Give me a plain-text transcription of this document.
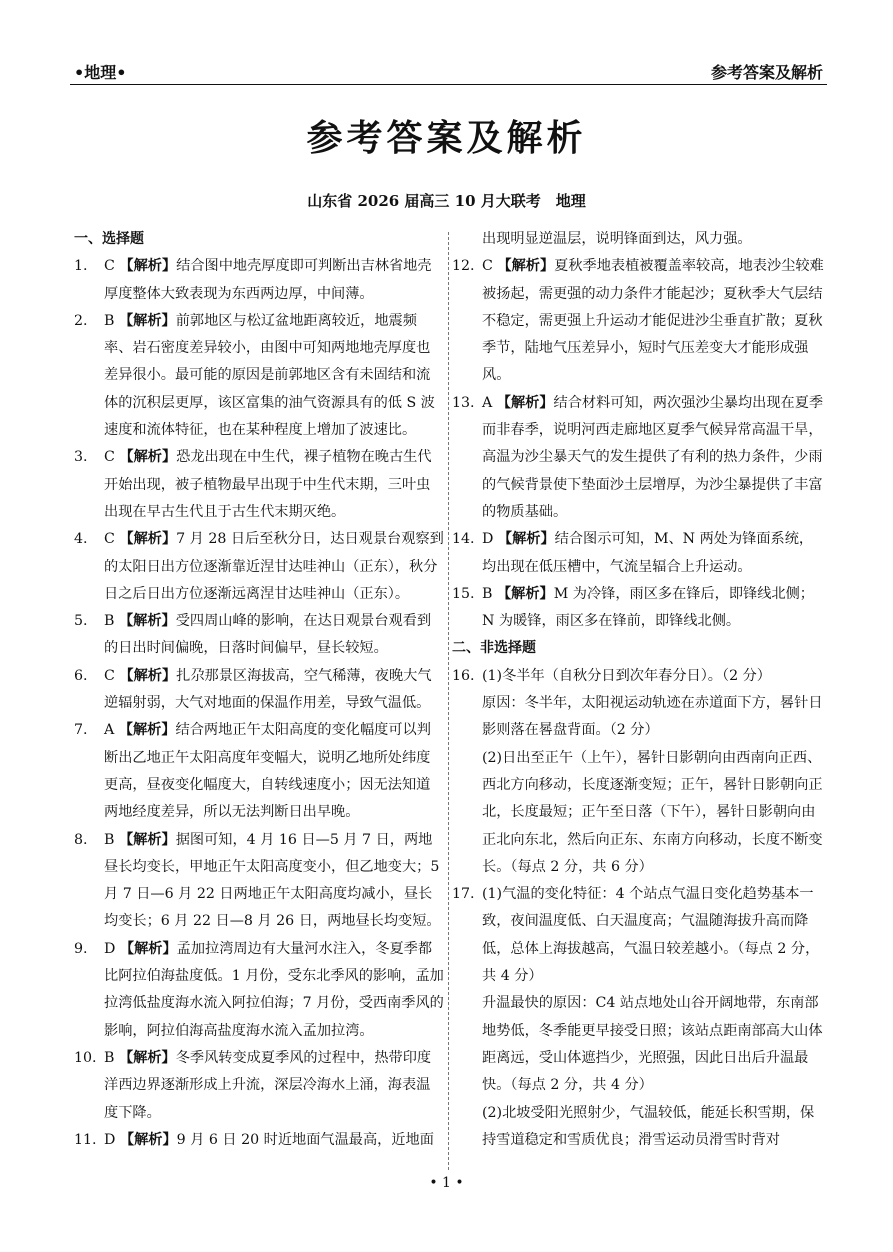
•地理•	参考答案及解析
参考答案及解析
山东省 2026 届高三 10 月大联考　地理
一、选择题
1.	C 【解析】结合图中地壳厚度即可判断出吉林省地壳厚度整体大致表现为东西两边厚，中间薄。
2.	B 【解析】前郭地区与松辽盆地距离较近，地震频率、岩石密度差异较小，由图中可知两地地壳厚度也差异很小。最可能的原因是前郭地区含有未固结和流体的沉积层更厚，该区富集的油气资源具有的低 S 波速度和流体特征，也在某种程度上增加了波速比。
3.	C 【解析】恐龙出现在中生代，裸子植物在晚古生代开始出现，被子植物最早出现于中生代末期，三叶虫出现在早古生代且于古生代末期灭绝。
4.	C 【解析】7 月 28 日后至秋分日，达日观景台观察到的太阳日出方位逐渐靠近涅甘达哇神山（正东），秋分日之后日出方位逐渐远离涅甘达哇神山（正东）。
5.	B 【解析】受四周山峰的影响，在达日观景台观看到的日出时间偏晚，日落时间偏早，昼长较短。
6.	C 【解析】扎尕那景区海拔高，空气稀薄，夜晚大气逆辐射弱，大气对地面的保温作用差，导致气温低。
7.	A 【解析】结合两地正午太阳高度的变化幅度可以判断出乙地正午太阳高度年变幅大，说明乙地所处纬度更高，昼夜变化幅度大，自转线速度小；因无法知道两地经度差异，所以无法判断日出早晚。
8.	B 【解析】据图可知，4 月 16 日—5 月 7 日，两地昼长均变长，甲地正午太阳高度变小，但乙地变大；5 月 7 日—6 月 22 日两地正午太阳高度均减小，昼长均变长；6 月 22 日—8 月 26 日，两地昼长均变短。
9.	D 【解析】孟加拉湾周边有大量河水注入，冬夏季都比阿拉伯海盐度低。1 月份，受东北季风的影响，孟加拉湾低盐度海水流入阿拉伯海；7 月份，受西南季风的影响，阿拉伯海高盐度海水流入孟加拉湾。
10. B 【解析】冬季风转变成夏季风的过程中，热带印度洋西边界逐渐形成上升流，深层冷海水上涌，海表温度下降。
11. D 【解析】9 月 6 日 20 时近地面气温最高，近地面
出现明显逆温层，说明锋面到达，风力强。
12. C 【解析】夏秋季地表植被覆盖率较高，地表沙尘较难被扬起，需更强的动力条件才能起沙；夏秋季大气层结不稳定，需更强上升运动才能促进沙尘垂直扩散；夏秋季节，陆地气压差异小，短时气压差变大才能形成强风。
13. A 【解析】结合材料可知，两次强沙尘暴均出现在夏季而非春季，说明河西走廊地区夏季气候异常高温干旱，高温为沙尘暴天气的发生提供了有利的热力条件，少雨的气候背景使下垫面沙土层增厚，为沙尘暴提供了丰富的物质基础。
14. D 【解析】结合图示可知，M、N 两处为锋面系统，均出现在低压槽中，气流呈辐合上升运动。
15. B 【解析】M 为冷锋，雨区多在锋后，即锋线北侧；N 为暖锋，雨区多在锋前，即锋线北侧。
二、非选择题
16. (1)冬半年（自秋分日到次年春分日）。（2 分）
原因：冬半年，太阳视运动轨迹在赤道面下方，晷针日影则落在晷盘背面。（2 分）
(2)日出至正午（上午），晷针日影朝向由西南向正西、西北方向移动，长度逐渐变短；正午，晷针日影朝向正北，长度最短；正午至日落（下午），晷针日影朝向由正北向东北，然后向正东、东南方向移动，长度不断变长。（每点 2 分，共 6 分）
17. (1)气温的变化特征：4 个站点气温日变化趋势基本一致，夜间温度低、白天温度高；气温随海拔升高而降低，总体上海拔越高，气温日较差越小。（每点 2 分，共 4 分）
升温最快的原因：C4 站点地处山谷开阔地带，东南部地势低，冬季能更早接受日照；该站点距南部高大山体距离远，受山体遮挡少，光照强，因此日出后升温最快。（每点 2 分，共 4 分）
(2)北坡受阳光照射少，气温较低，能延长积雪期，保持雪道稳定和雪质优良；滑雪运动员滑雪时背对
• 1 •
